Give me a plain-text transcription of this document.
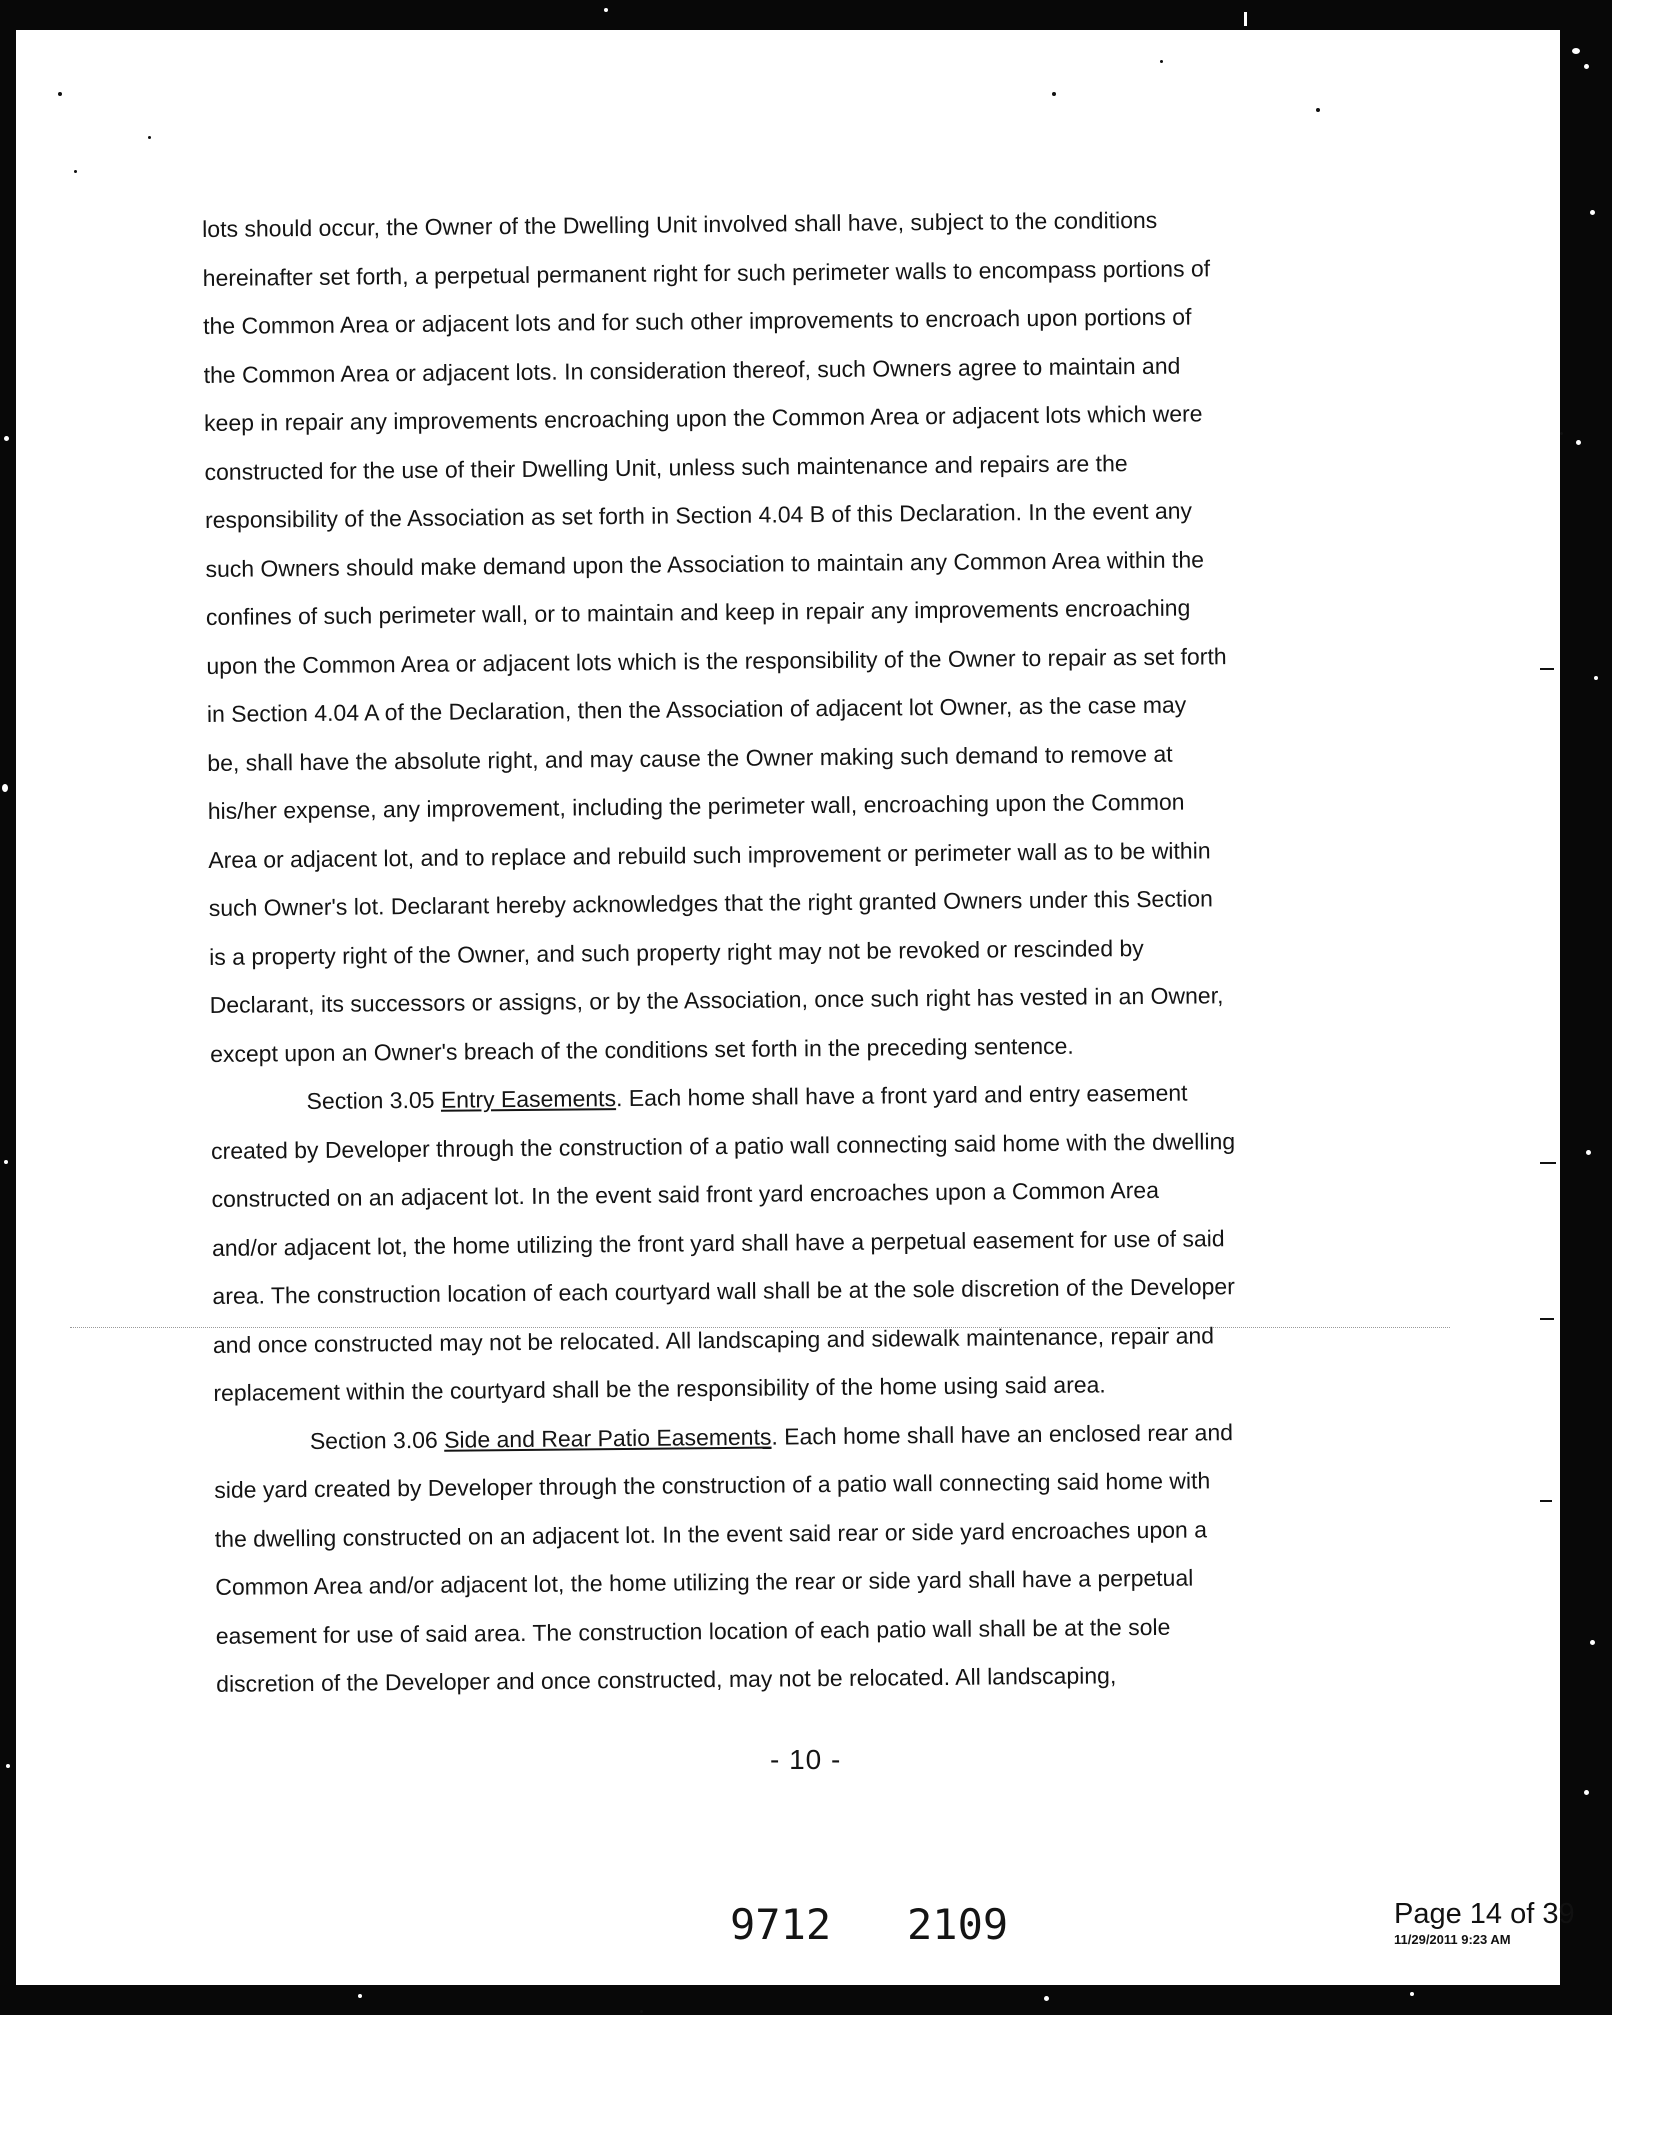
lots should occur, the Owner of the Dwelling Unit involved shall have, subject to the conditions
hereinafter set forth, a perpetual permanent right for such perimeter walls to encompass portions of
the Common Area or adjacent lots and for such other improvements to encroach upon portions of
the Common Area or adjacent lots. In consideration thereof, such Owners agree to maintain and
keep in repair any improvements encroaching upon the Common Area or adjacent lots which were
constructed for the use of their Dwelling Unit, unless such maintenance and repairs are the
responsibility of the Association as set forth in Section 4.04 B of this Declaration. In the event any
such Owners should make demand upon the Association to maintain any Common Area within the
confines of such perimeter wall, or to maintain and keep in repair any improvements encroaching
upon the Common Area or adjacent lots which is the responsibility of the Owner to repair as set forth
in Section 4.04 A of the Declaration, then the Association of adjacent lot Owner, as the case may
be, shall have the absolute right, and may cause the Owner making such demand to remove at
his/her expense, any improvement, including the perimeter wall, encroaching upon the Common
Area or adjacent lot, and to replace and rebuild such improvement or perimeter wall as to be within
such Owner's lot. Declarant hereby acknowledges that the right granted Owners under this Section
is a property right of the Owner, and such property right may not be revoked or rescinded by
Declarant, its successors or assigns, or by the Association, once such right has vested in an Owner,
except upon an Owner's breach of the conditions set forth in the preceding sentence.
Section 3.05 Entry Easements. Each home shall have a front yard and entry easement
created by Developer through the construction of a patio wall connecting said home with the dwelling
constructed on an adjacent lot. In the event said front yard encroaches upon a Common Area
and/or adjacent lot, the home utilizing the front yard shall have a perpetual easement for use of said
area. The construction location of each courtyard wall shall be at the sole discretion of the Developer
and once constructed may not be relocated. All landscaping and sidewalk maintenance, repair and
replacement within the courtyard shall be the responsibility of the home using said area.
Section 3.06 Side and Rear Patio Easements. Each home shall have an enclosed rear and
side yard created by Developer through the construction of a patio wall connecting said home with
the dwelling constructed on an adjacent lot. In the event said rear or side yard encroaches upon a
Common Area and/or adjacent lot, the home utilizing the rear or side yard shall have a perpetual
easement for use of said area. The construction location of each patio wall shall be at the sole
discretion of the Developer and once constructed, may not be relocated. All landscaping,
- 10 -
9712   2109	Page 14 of 39
11/29/2011 9:23 AM
